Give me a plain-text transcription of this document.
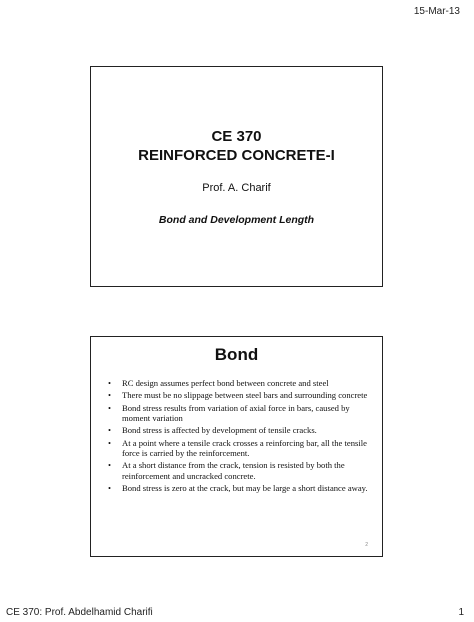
15-Mar-13
CE 370
REINFORCED CONCRETE-I
Prof. A. Charif
Bond and Development Length
Bond
• RC design assumes perfect bond between concrete and steel
• There must be no slippage between steel bars and surrounding concrete
• Bond stress results from variation of axial force in bars, caused by moment variation
• Bond stress is affected by development of tensile cracks.
• At a point where a tensile crack crosses a reinforcing bar, all the tensile force is carried by the reinforcement.
• At a short distance from the crack, tension is resisted by both the reinforcement and uncracked concrete.
• Bond stress is zero at the crack, but may be large a short distance away.
2
CE 370: Prof. Abdelhamid Charifi	1
